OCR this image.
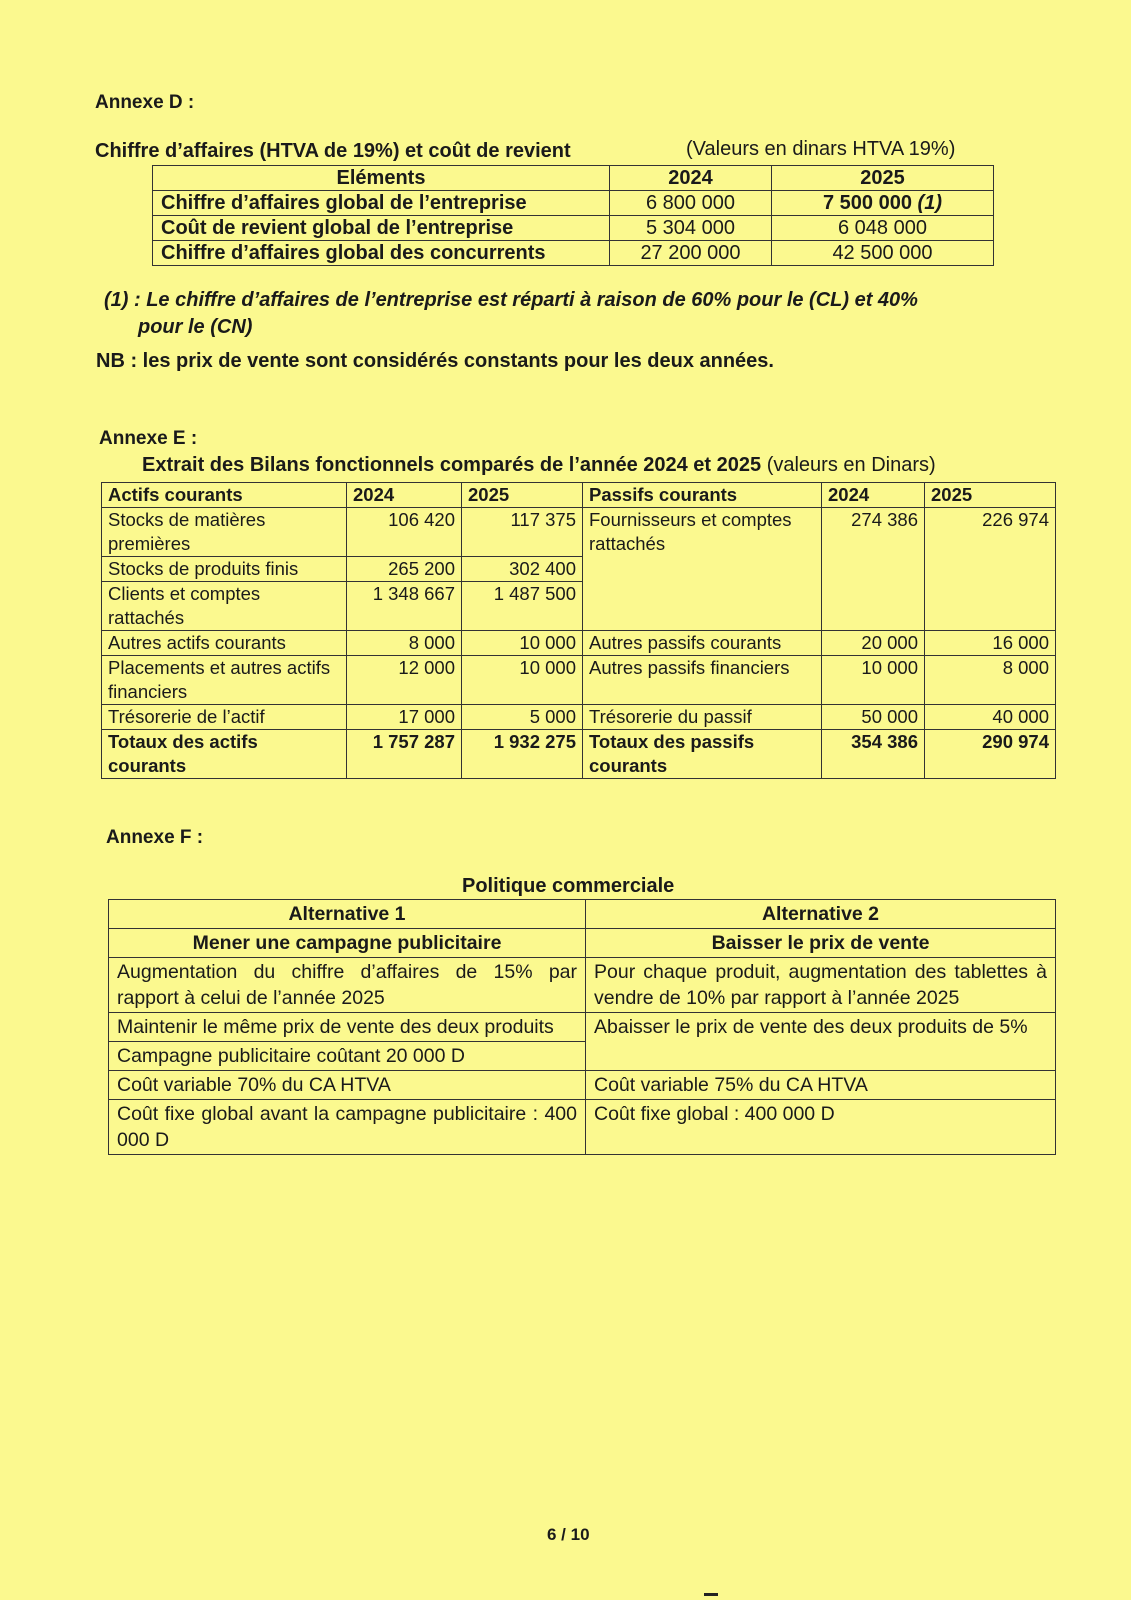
Annexe D :
Chiffre d’affaires (HTVA de 19%) et coût de revient	(Valeurs en dinars HTVA 19%)
Eléments	2024	2025
Chiffre d’affaires global de l’entreprise	6 800 000	7 500 000 (1)
Coût de revient global de l’entreprise	5 304 000	6 048 000
Chiffre d’affaires global des concurrents	27 200 000	42 500 000
(1) : Le chiffre d’affaires de l’entreprise est réparti à raison de 60% pour le (CL) et 40%
pour le (CN)
NB : les prix de vente sont considérés constants pour les deux années.
Annexe E :
Extrait des Bilans fonctionnels comparés de l’année 2024 et 2025 (valeurs en Dinars)
Actifs courants	2024	2025	Passifs courants	2024	2025
Stocks de matières premières	106 420	117 375	Fournisseurs et comptes rattachés	274 386	226 974
Stocks de produits finis	265 200	302 400			
Clients et comptes rattachés	1 348 667	1 487 500			
Autres actifs courants	8 000	10 000	Autres passifs courants	20 000	16 000
Placements et autres actifs financiers	12 000	10 000	Autres passifs financiers	10 000	8 000
Trésorerie de l’actif	17 000	5 000	Trésorerie du passif	50 000	40 000
Totaux des actifs courants	1 757 287	1 932 275	Totaux des passifs courants	354 386	290 974
Annexe F :
Politique commerciale
Alternative 1	Alternative 2
Mener une campagne publicitaire	Baisser le prix de vente
Augmentation du chiffre d’affaires de 15% par rapport à celui de l’année 2025	Pour chaque produit, augmentation des tablettes à vendre de 10% par rapport à l’année 2025
Maintenir le même prix de vente des deux produits	Abaisser le prix de vente des deux produits de 5%
Campagne publicitaire coûtant 20 000 D	
Coût variable 70% du CA HTVA	Coût variable 75% du CA HTVA
Coût fixe global avant la campagne publicitaire : 400 000 D	Coût fixe global : 400 000 D
6 / 10
